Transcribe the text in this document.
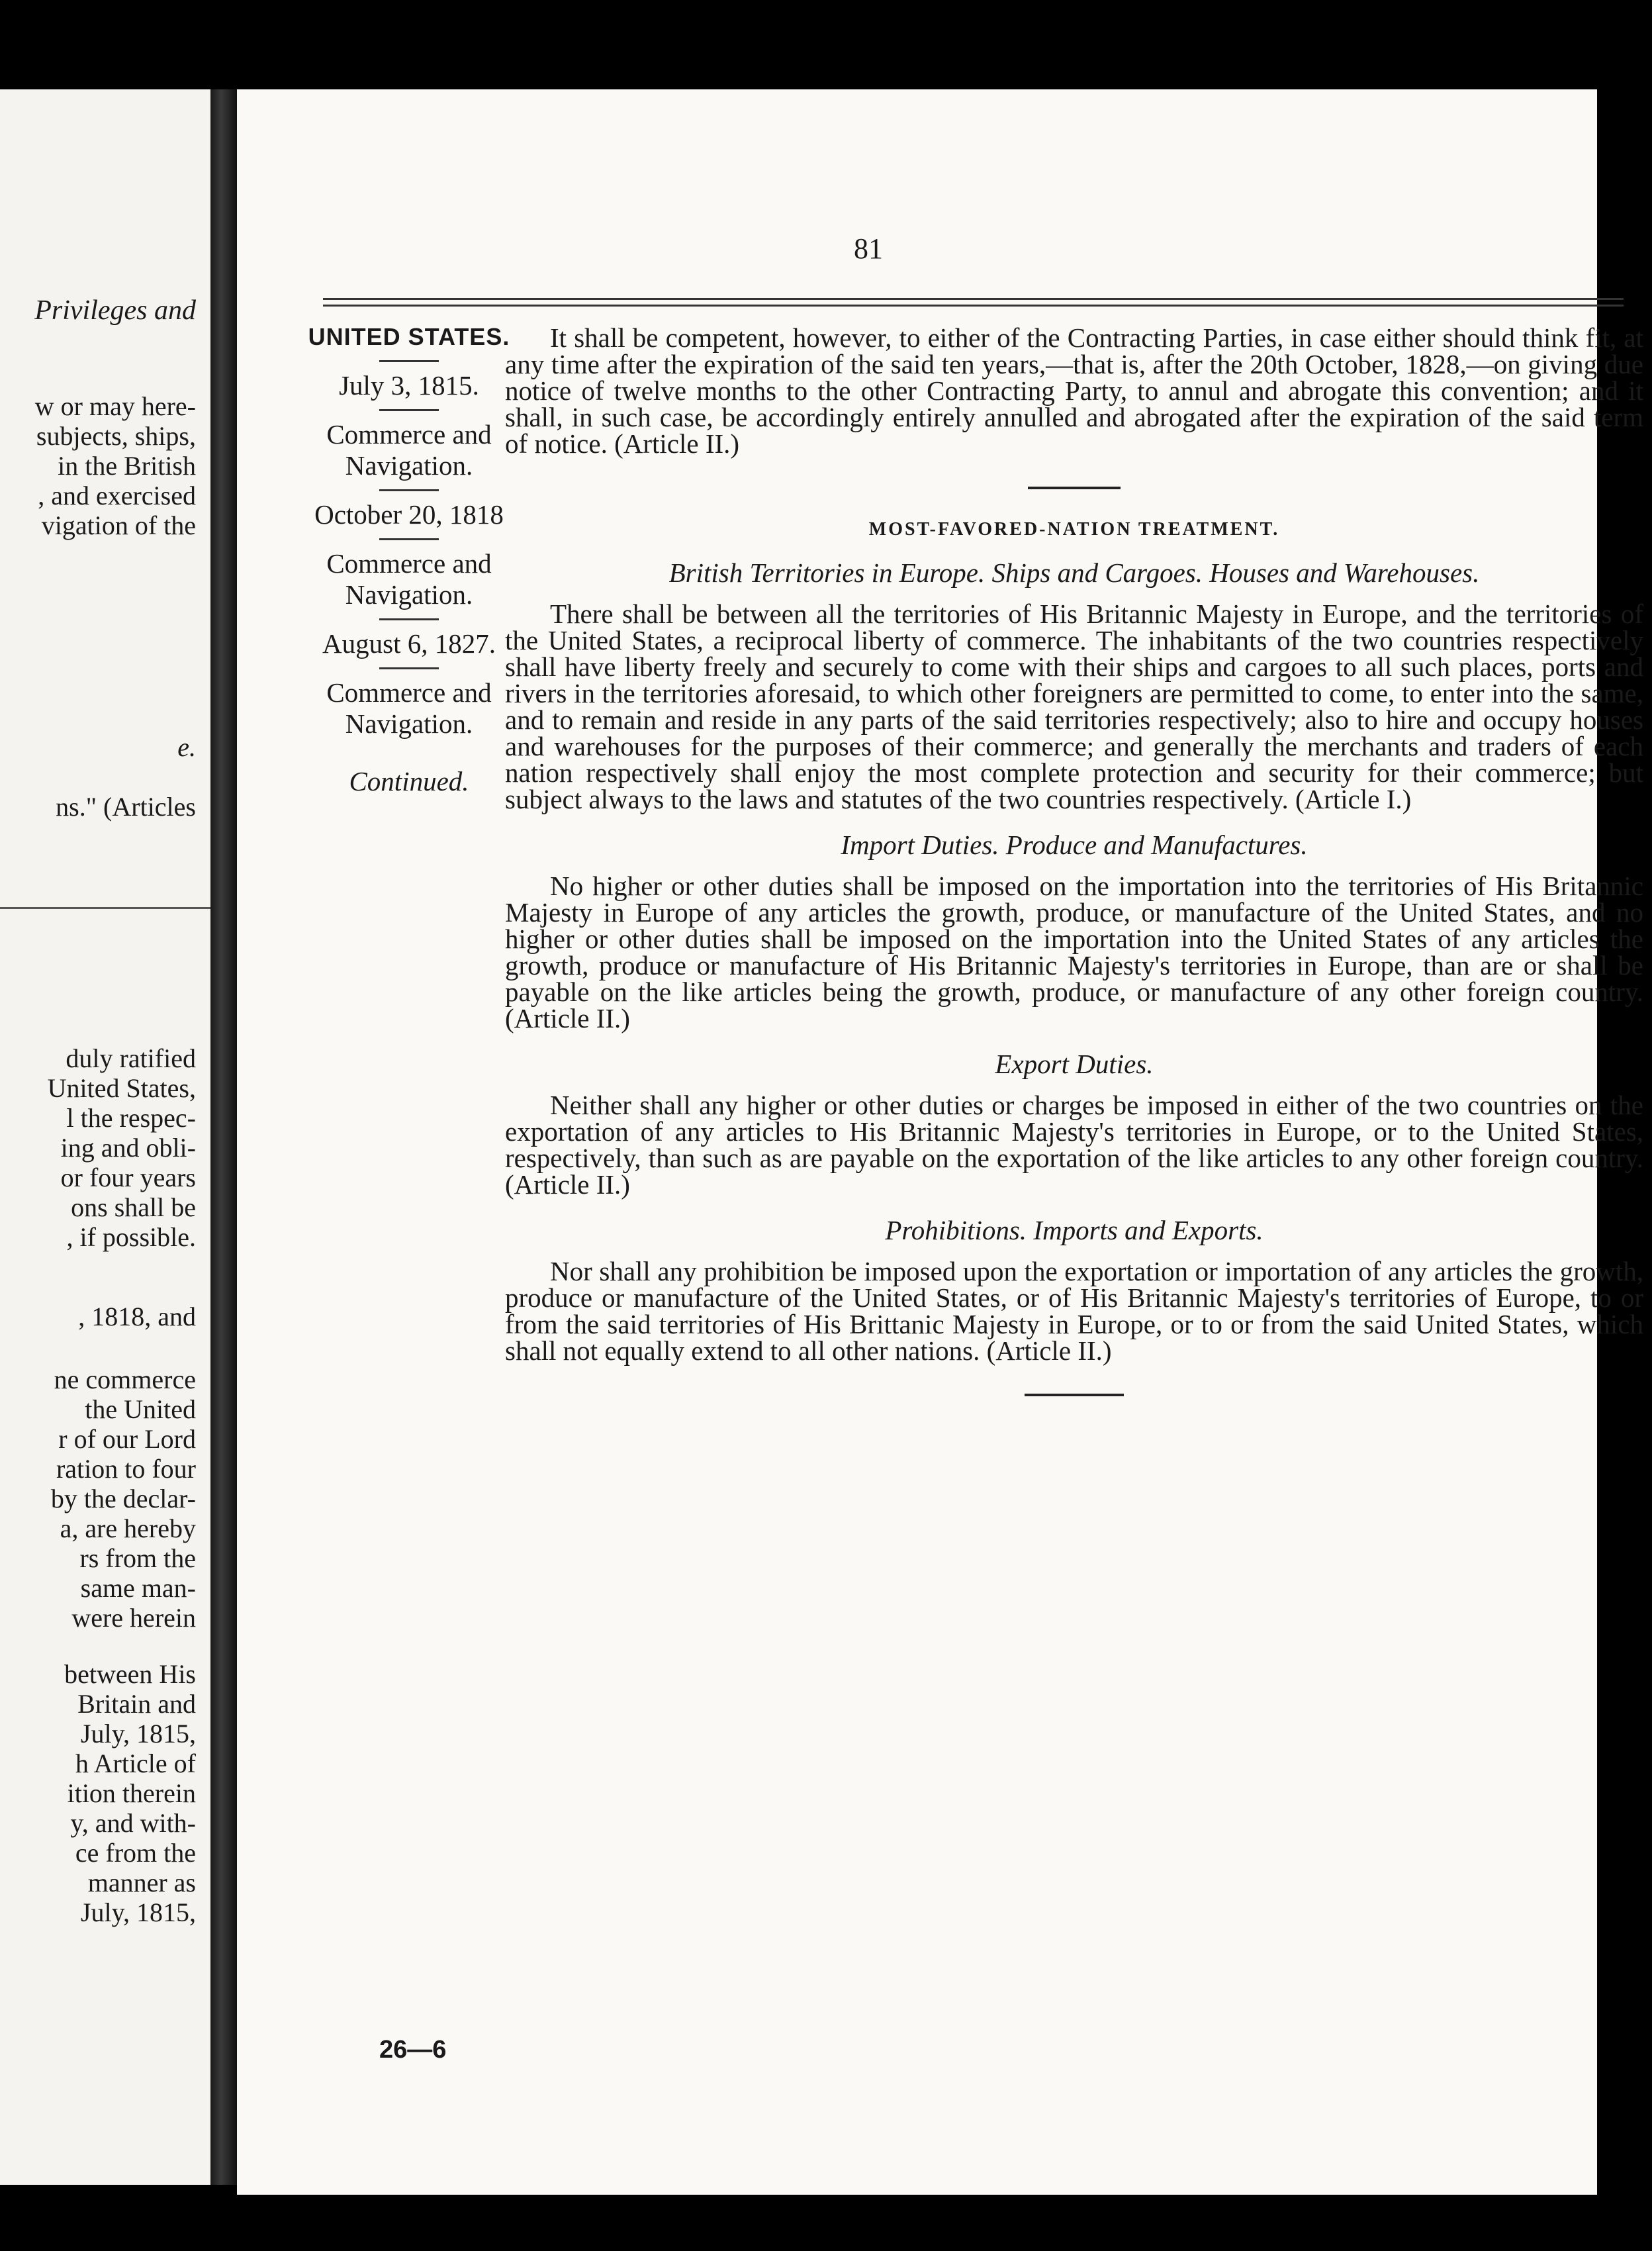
Privileges and
w or may here-
subjects, ships,
in the British
, and exercised
vigation of the
e.
ns." (Articles
duly ratified
United States,
l the respec-
ing and obli-
or four years
ons shall be
, if possible.
, 1818, and
ne commerce
the United
r of our Lord
ration to four
by the declar-
a, are hereby
rs from the
same man-
were herein
between His
Britain and
July, 1815,
h Article of
ition therein
y, and with-
ce from the
manner as
July, 1815,
81
UNITED STATES.
July 3, 1815.
Commerce and Navigation.
October 20, 1818
Commerce and Navigation.
August 6, 1827.
Commerce and Navigation.
Continued.

It shall be competent, however, to either of the Contracting Parties, in case either should think fit, at any time after the expiration of the said ten years,—that is, after the 20th October, 1828,—on giving due notice of twelve months to the other Contracting Party, to annul and abrogate this convention; and it shall, in such case, be accordingly entirely annulled and abrogated after the expiration of the said term of notice. (Article II.)

MOST-FAVORED-NATION TREATMENT.
British Territories in Europe. Ships and Cargoes. Houses and Warehouses.

There shall be between all the territories of His Britannic Majesty in Europe, and the territories of the United States, a reciprocal liberty of commerce. The inhabitants of the two countries respectively shall have liberty freely and securely to come with their ships and cargoes to all such places, ports and rivers in the territories aforesaid, to which other foreigners are permitted to come, to enter into the same, and to remain and reside in any parts of the said territories respectively; also to hire and occupy houses and warehouses for the purposes of their commerce; and generally the merchants and traders of each nation respectively shall enjoy the most complete protection and security for their commerce; but subject always to the laws and statutes of the two countries respectively. (Article I.)

Import Duties. Produce and Manufactures.

No higher or other duties shall be imposed on the importation into the territories of His Britannic Majesty in Europe of any articles the growth, produce, or manufacture of the United States, and no higher or other duties shall be imposed on the importation into the United States of any articles the growth, produce or manufacture of His Britannic Majesty's territories in Europe, than are or shall be payable on the like articles being the growth, produce, or manufacture of any other foreign country. (Article II.)

Export Duties.

Neither shall any higher or other duties or charges be imposed in either of the two countries on the exportation of any articles to His Britannic Majesty's territories in Europe, or to the United States, respectively, than such as are payable on the exportation of the like articles to any other foreign country. (Article II.)

Prohibitions. Imports and Exports.

Nor shall any prohibition be imposed upon the exportation or importation of any articles the growth, produce or manufacture of the United States, or of His Britannic Majesty's territories of Europe, to or from the said territories of His Brittanic Majesty in Europe, or to or from the said United States, which shall not equally extend to all other nations. (Article II.)

26—6
